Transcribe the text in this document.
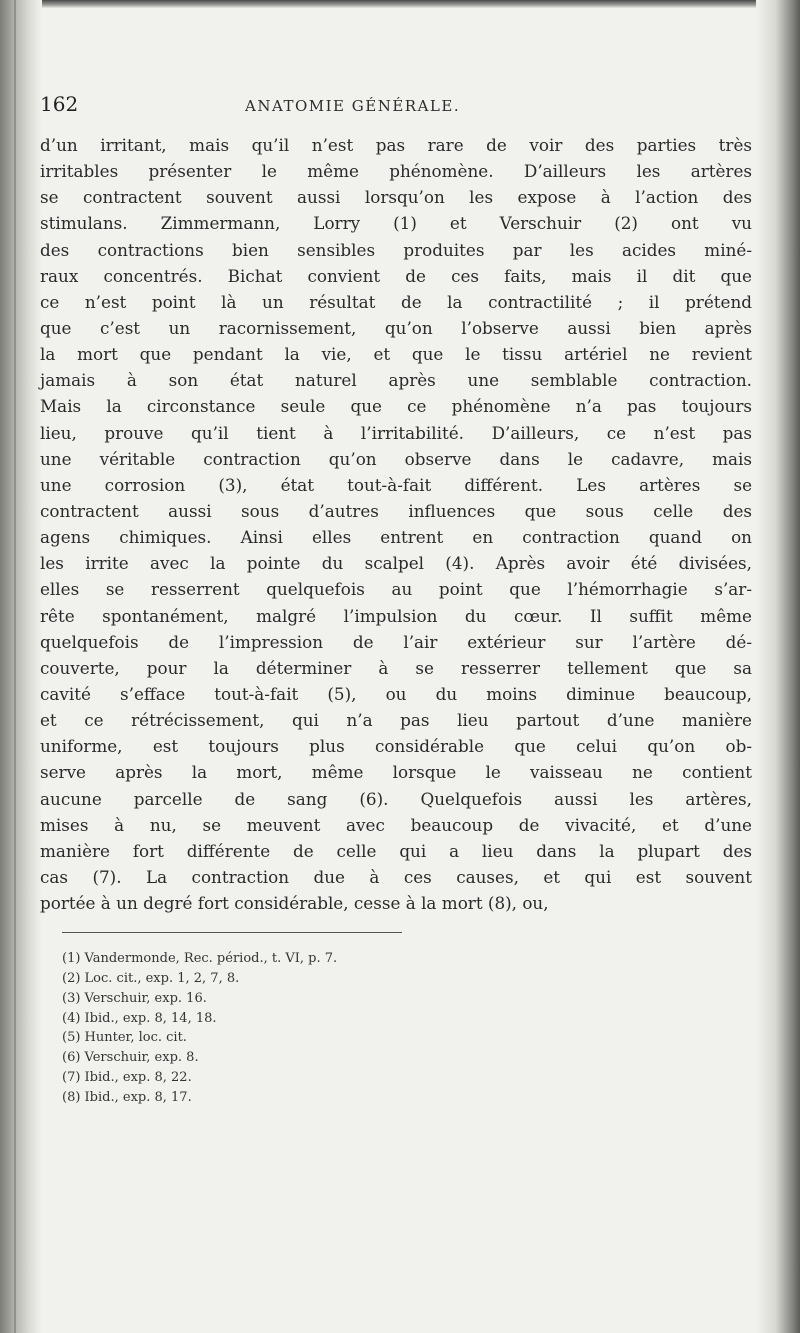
162	ANATOMIE GÉNÉRALE.
d’un irritant, mais qu’il n’est pas rare de voir des parties très
irritables présenter le même phénomène. D’ailleurs les artères
se contractent souvent aussi lorsqu’on les expose à l’action des
stimulans. Zimmermann, Lorry (1) et Verschuir (2) ont vu
des contractions bien sensibles produites par les acides miné-
raux concentrés. Bichat convient de ces faits, mais il dit que
ce n’est point là un résultat de la contractilité ; il prétend
que c’est un racornissement, qu’on l’observe aussi bien après
la mort que pendant la vie, et que le tissu artériel ne revient
jamais à son état naturel après une semblable contraction.
Mais la circonstance seule que ce phénomène n’a pas toujours
lieu, prouve qu’il tient à l’irritabilité. D’ailleurs, ce n’est pas
une véritable contraction qu’on observe dans le cadavre, mais
une corrosion (3), état tout-à-fait différent. Les artères se
contractent aussi sous d’autres influences que sous celle des
agens chimiques. Ainsi elles entrent en contraction quand on
les irrite avec la pointe du scalpel (4). Après avoir été divisées,
elles se resserrent quelquefois au point que l’hémorrhagie s’ar-
rête spontanément, malgré l’impulsion du cœur. Il suffit même
quelquefois de l’impression de l’air extérieur sur l’artère dé-
couverte, pour la déterminer à se resserrer tellement que sa
cavité s’efface tout-à-fait (5), ou du moins diminue beaucoup,
et ce rétrécissement, qui n’a pas lieu partout d’une manière
uniforme, est toujours plus considérable que celui qu’on ob-
serve après la mort, même lorsque le vaisseau ne contient
aucune parcelle de sang (6). Quelquefois aussi les artères,
mises à nu, se meuvent avec beaucoup de vivacité, et d’une
manière fort différente de celle qui a lieu dans la plupart des
cas (7). La contraction due à ces causes, et qui est souvent
portée à un degré fort considérable, cesse à la mort (8), ou,
(1) Vandermonde, Rec. périod., t. VI, p. 7.
(2) Loc. cit., exp. 1, 2, 7, 8.
(3) Verschuir, exp. 16.
(4) Ibid., exp. 8, 14, 18.
(5) Hunter, loc. cit.
(6) Verschuir, exp. 8.
(7) Ibid., exp. 8, 22.
(8) Ibid., exp. 8, 17.
